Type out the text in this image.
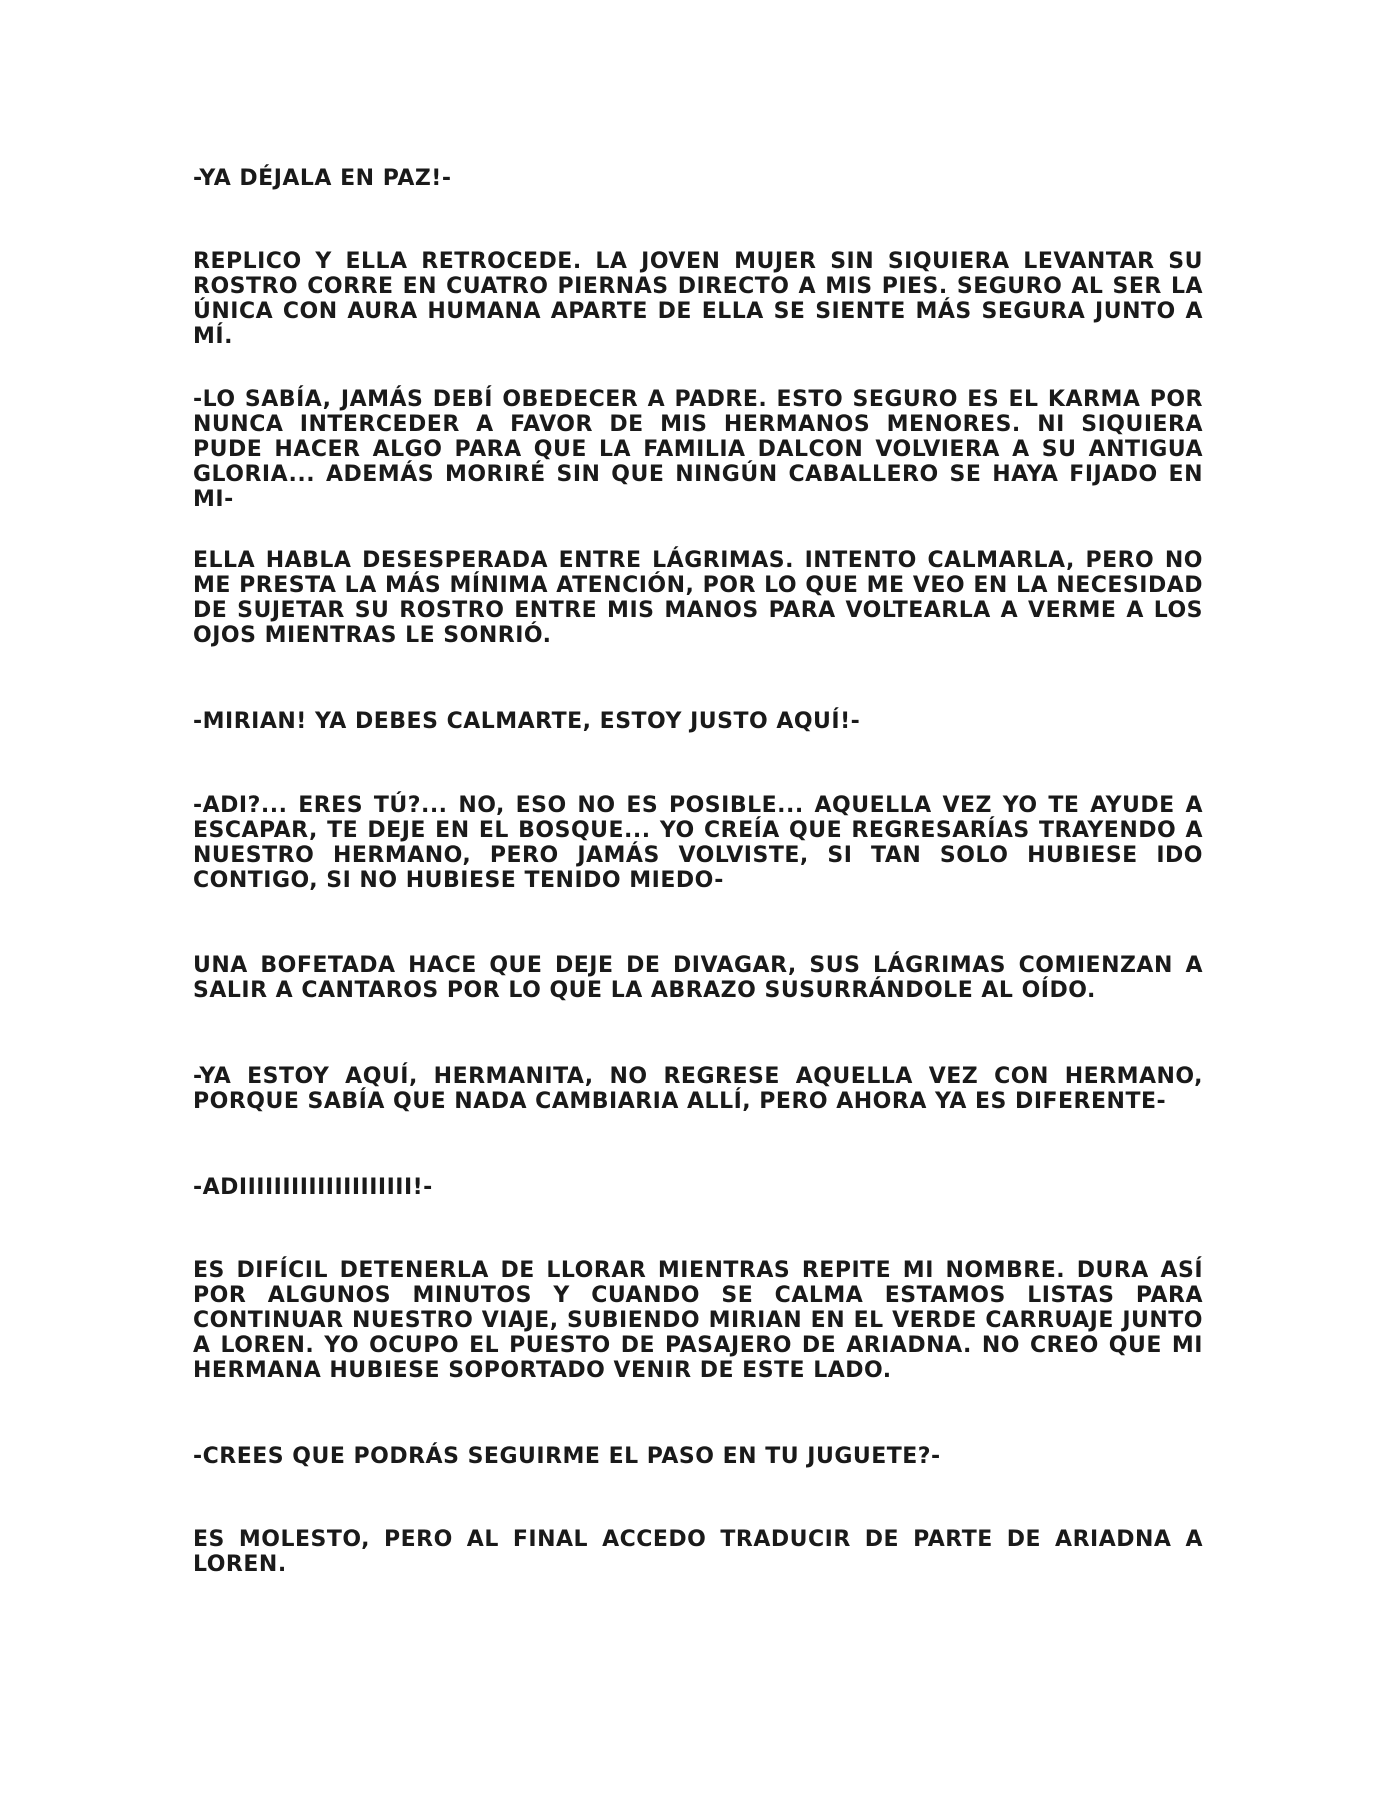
-YA DÉJALA EN PAZ!-

REPLICO Y ELLA RETROCEDE. LA JOVEN MUJER SIN SIQUIERA LEVANTAR SU ROSTRO CORRE EN CUATRO PIERNAS DIRECTO A MIS PIES. SEGURO AL SER LA ÚNICA CON AURA HUMANA APARTE DE ELLA SE SIENTE MÁS SEGURA JUNTO A MÍ.

-LO SABÍA, JAMÁS DEBÍ OBEDECER A PADRE. ESTO SEGURO ES EL KARMA POR NUNCA INTERCEDER A FAVOR DE MIS HERMANOS MENORES. NI SIQUIERA PUDE HACER ALGO PARA QUE LA FAMILIA DALCON VOLVIERA A SU ANTIGUA GLORIA... ADEMÁS MORIRÉ SIN QUE NINGÚN CABALLERO SE HAYA FIJADO EN MI-

ELLA HABLA DESESPERADA ENTRE LÁGRIMAS. INTENTO CALMARLA, PERO NO ME PRESTA LA MÁS MÍNIMA ATENCIÓN, POR LO QUE ME VEO EN LA NECESIDAD DE SUJETAR SU ROSTRO ENTRE MIS MANOS PARA VOLTEARLA A VERME A LOS OJOS MIENTRAS LE SONRIÓ.

-MIRIAN! YA DEBES CALMARTE, ESTOY JUSTO AQUÍ!-

-ADI?... ERES TÚ?... NO, ESO NO ES POSIBLE... AQUELLA VEZ YO TE AYUDE A ESCAPAR, TE DEJE EN EL BOSQUE... YO CREÍA QUE REGRESARÍAS TRAYENDO A NUESTRO HERMANO, PERO JAMÁS VOLVISTE, SI TAN SOLO HUBIESE IDO CONTIGO, SI NO HUBIESE TENIDO MIEDO-

UNA BOFETADA HACE QUE DEJE DE DIVAGAR, SUS LÁGRIMAS COMIENZAN A SALIR A CANTAROS POR LO QUE LA ABRAZO SUSURRÁNDOLE AL OÍDO.

-YA ESTOY AQUÍ, HERMANITA, NO REGRESE AQUELLA VEZ CON HERMANO, PORQUE SABÍA QUE NADA CAMBIARIA ALLÍ, PERO AHORA YA ES DIFERENTE-

-ADIIIIIIIIIIIIIIIIIIII!-

ES DIFÍCIL DETENERLA DE LLORAR MIENTRAS REPITE MI NOMBRE. DURA ASÍ POR ALGUNOS MINUTOS Y CUANDO SE CALMA ESTAMOS LISTAS PARA CONTINUAR NUESTRO VIAJE, SUBIENDO MIRIAN EN EL VERDE CARRUAJE JUNTO A LOREN. YO OCUPO EL PUESTO DE PASAJERO DE ARIADNA. NO CREO QUE MI HERMANA HUBIESE SOPORTADO VENIR DE ESTE LADO.

-CREES QUE PODRÁS SEGUIRME EL PASO EN TU JUGUETE?-

ES MOLESTO, PERO AL FINAL ACCEDO TRADUCIR DE PARTE DE ARIADNA A LOREN.
